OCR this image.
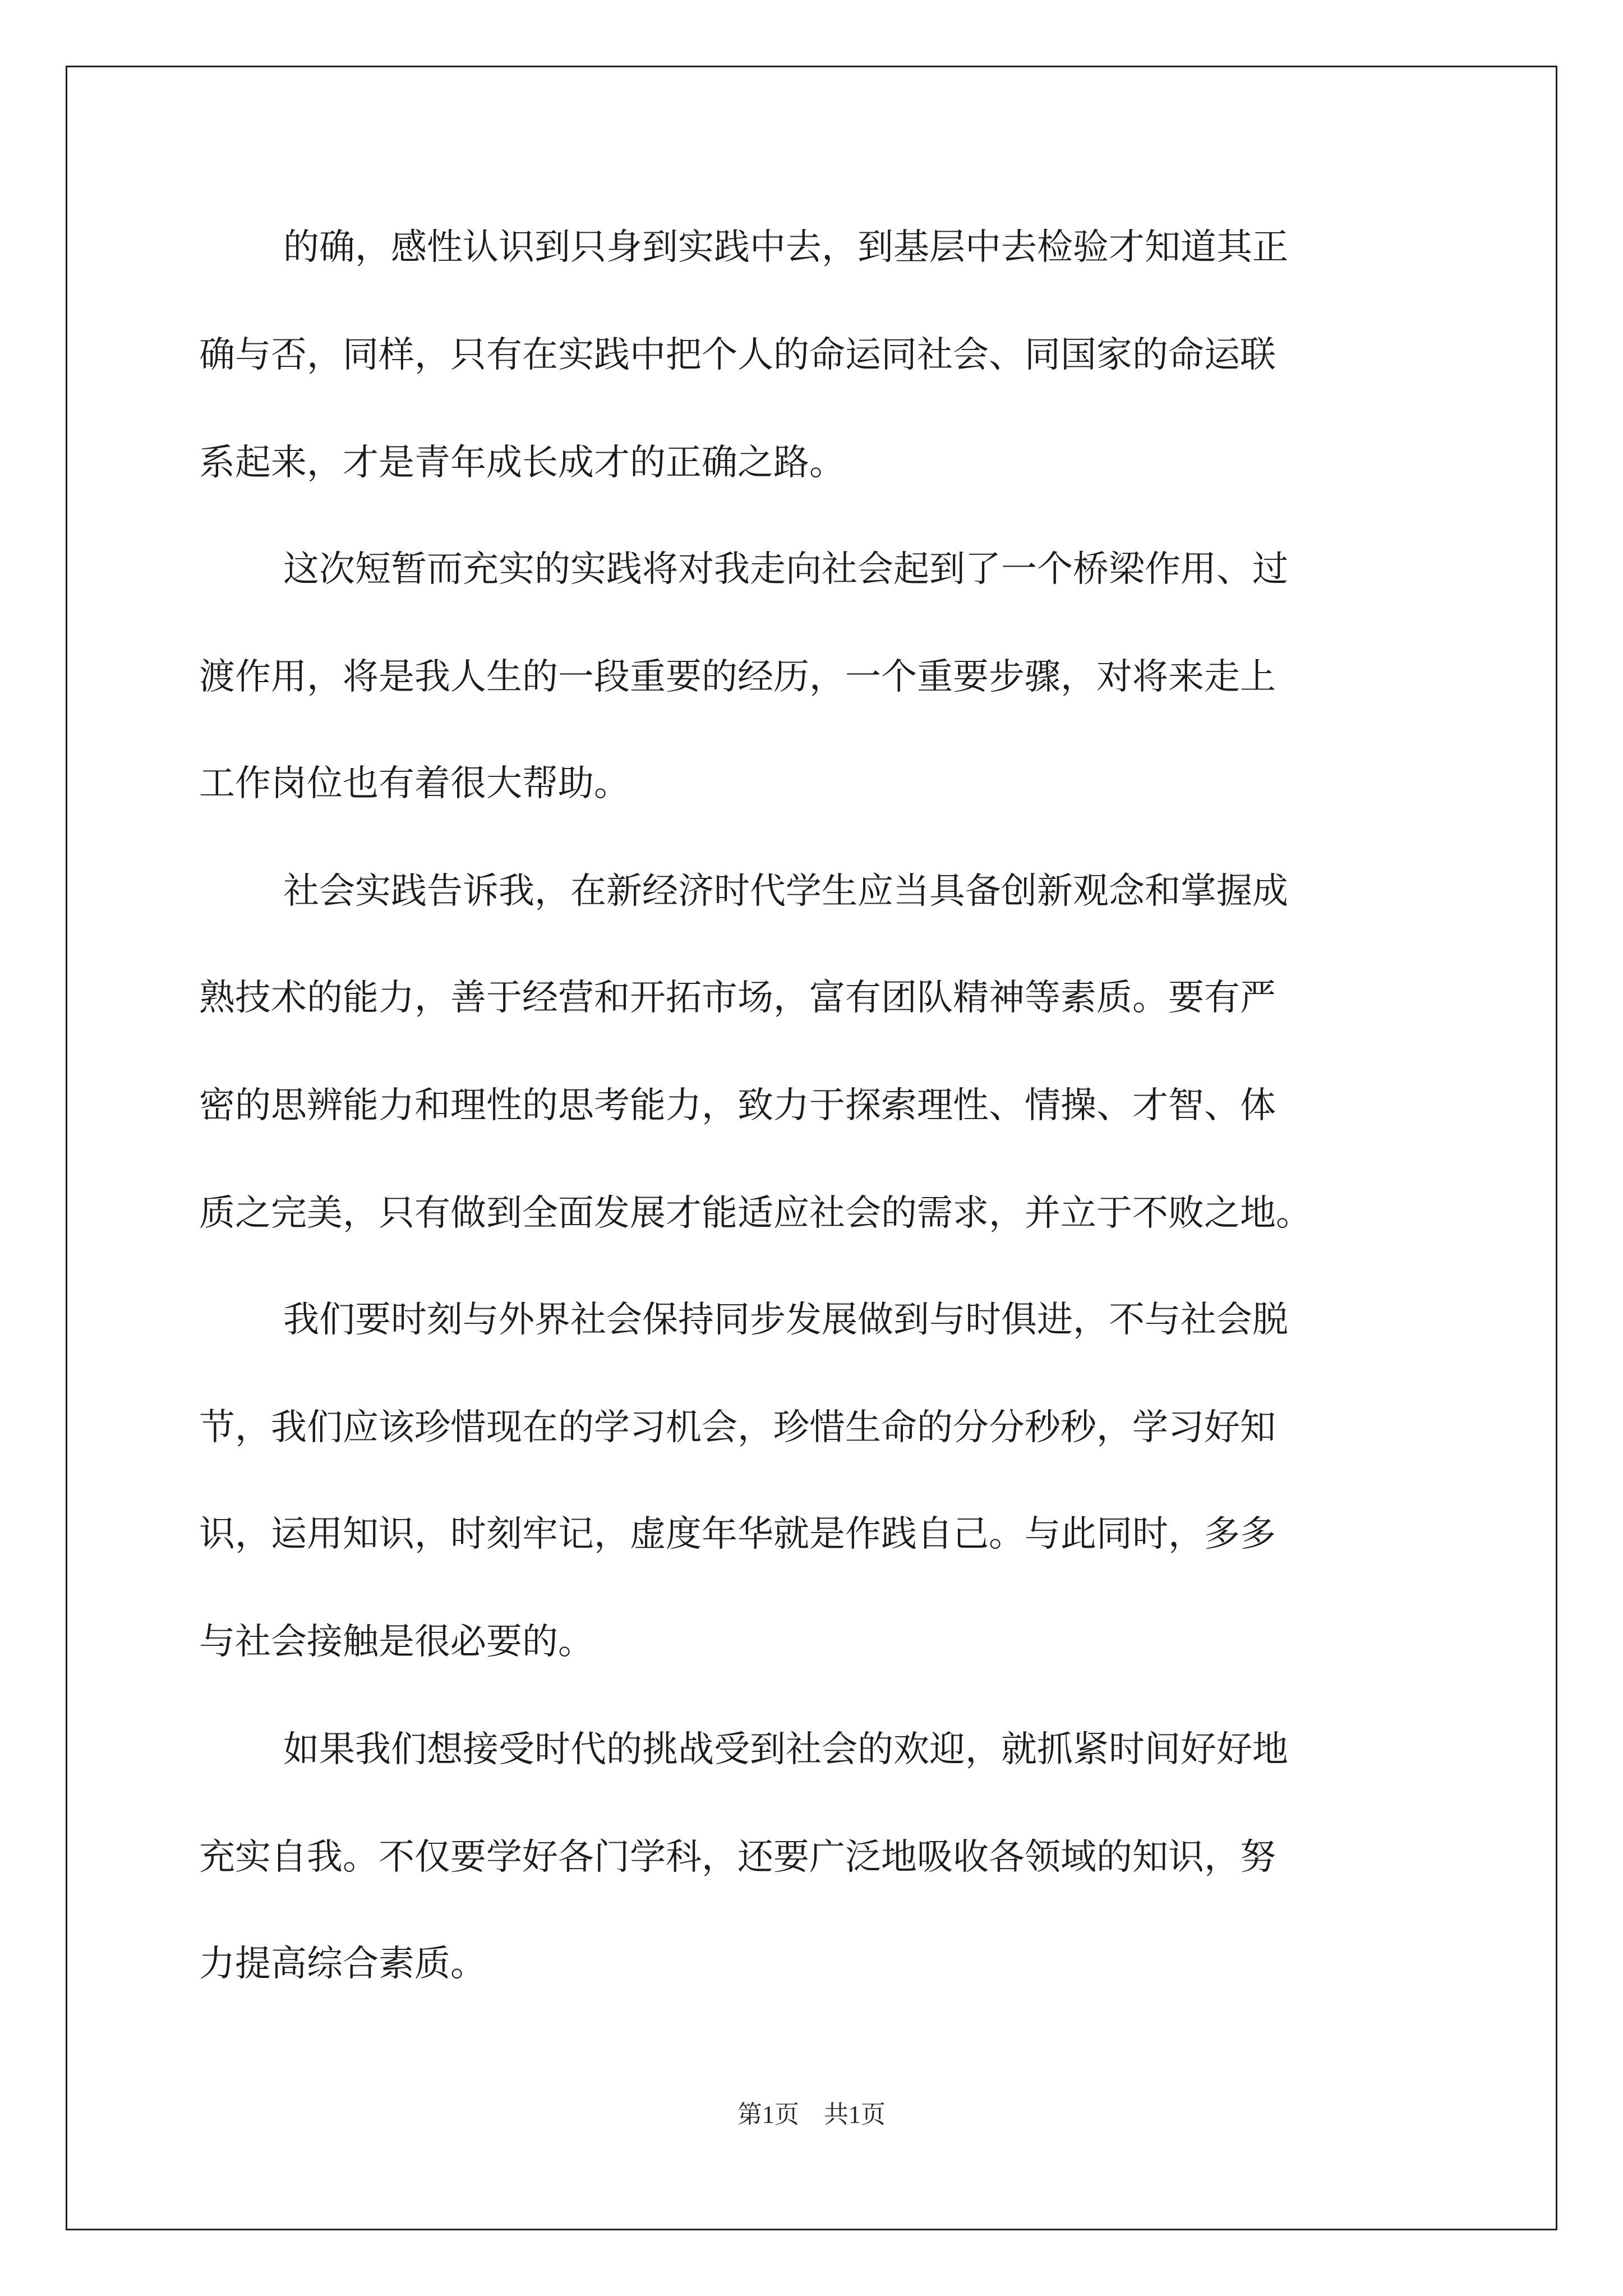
的确，感性认识到只身到实践中去，到基层中去检验才知道其正
确与否，同样，只有在实践中把个人的命运同社会、同国家的命运联
系起来，才是青年成长成才的正确之路。
这次短暂而充实的实践将对我走向社会起到了一个桥梁作用、过
渡作用，将是我人生的一段重要的经历，一个重要步骤，对将来走上
工作岗位也有着很大帮助。
社会实践告诉我，在新经济时代学生应当具备创新观念和掌握成
熟技术的能力，善于经营和开拓市场，富有团队精神等素质。要有严
密的思辨能力和理性的思考能力，致力于探索理性、情操、才智、体
质之完美，只有做到全面发展才能适应社会的需求，并立于不败之地。
我们要时刻与外界社会保持同步发展做到与时俱进，不与社会脱
节，我们应该珍惜现在的学习机会，珍惜生命的分分秒秒，学习好知
识，运用知识，时刻牢记，虚度年华就是作践自己。与此同时，多多
与社会接触是很必要的。
如果我们想接受时代的挑战受到社会的欢迎，就抓紧时间好好地
充实自我。不仅要学好各门学科，还要广泛地吸收各领域的知识，努
力提高综合素质。
第1页　共1页
